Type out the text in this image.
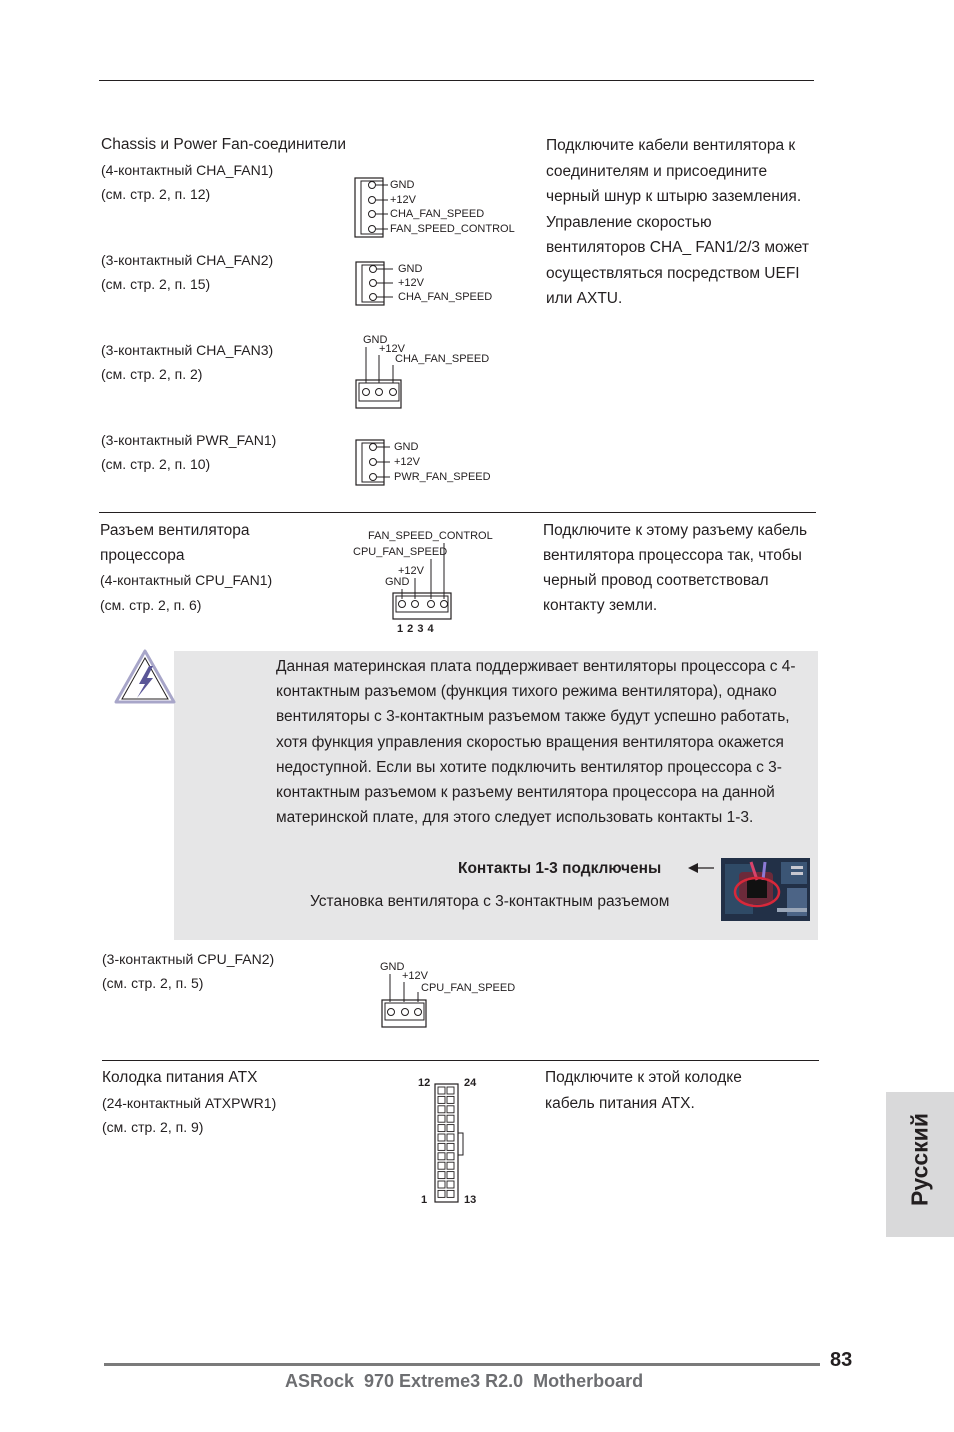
Chassis и Power Fan-соединители	Подключите кабели вентилятора к соединителям и присоедините черный шнур к штырю заземления. Управление скоростью вентиляторов CHA_ FAN1/2/3 может осуществляться посредством UEFI или AXTU.
(4-контактный CHA_FAN1)
(см. стр. 2, п. 12)
GND
+12V
CHA_FAN_SPEED
FAN_SPEED_CONTROL
(3-контактный CHA_FAN2)
(см. стр. 2, п. 15)
GND
+12V
CHA_FAN_SPEED
(3-контактный CHA_FAN3)
(см. стр. 2, п. 2)
GND
+12V
CHA_FAN_SPEED
(3-контактный PWR_FAN1)
(см. стр. 2, п. 10)
GND
+12V
PWR_FAN_SPEED
Разъем вентилятора
процессора
(4-контактный CPU_FAN1)
(см. стр. 2, п. 6)
Подключите к этому разъему кабель вентилятора процессора так, чтобы черный провод соответствовал контакту земли.
FAN_SPEED_CONTROL
CPU_FAN_SPEED
+12V
GND
1 2 3 4
Данная материнская плата поддерживает вентиляторы процессора с 4-контактным разъемом (функция тихого режима вентилятора), однако вентиляторы с 3-контактным разъемом также будут успешно работать, хотя функция управления скоростью вращения вентилятора окажется недоступной. Если вы хотите подключить вентилятор процессора с 3-контактным разъемом к разъему вентилятора процессора на данной материнской плате, для этого следует использовать контакты 1-3.
Контакты 1-3 подключены
Установка вентилятора с 3-контактным разъемом
(3-контактный CPU_FAN2)
(см. стр. 2, п. 5)
GND
+12V
CPU_FAN_SPEED
Колодка питания ATX
(24-контактный ATXPWR1)
(см. стр. 2, п. 9)
Подключите к этой колодке кабель питания ATX.
12	24
1	13	Русский
83
ASRock  970 Extreme3 R2.0  Motherboard
